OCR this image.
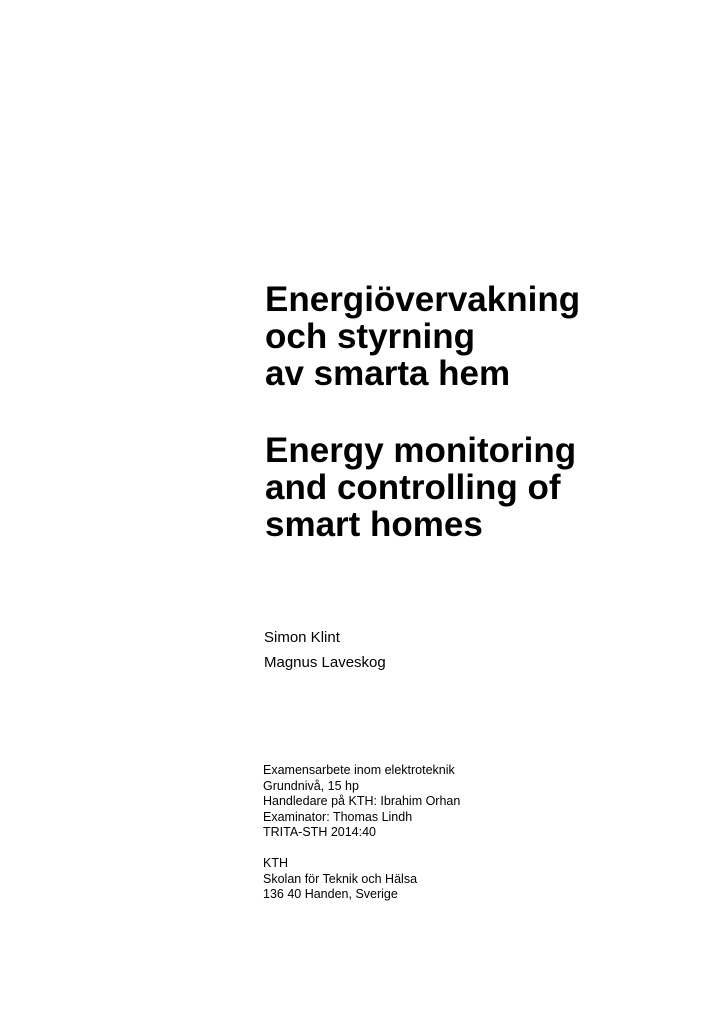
Energiövervakning
och styrning
av smarta hem
Energy monitoring
and controlling of
smart homes
Simon Klint
Magnus Laveskog
Examensarbete inom elektroteknik
Grundnivå, 15 hp
Handledare på KTH: Ibrahim Orhan
Examinator: Thomas Lindh
TRITA-STH 2014:40
KTH
Skolan för Teknik och Hälsa
136 40 Handen, Sverige
